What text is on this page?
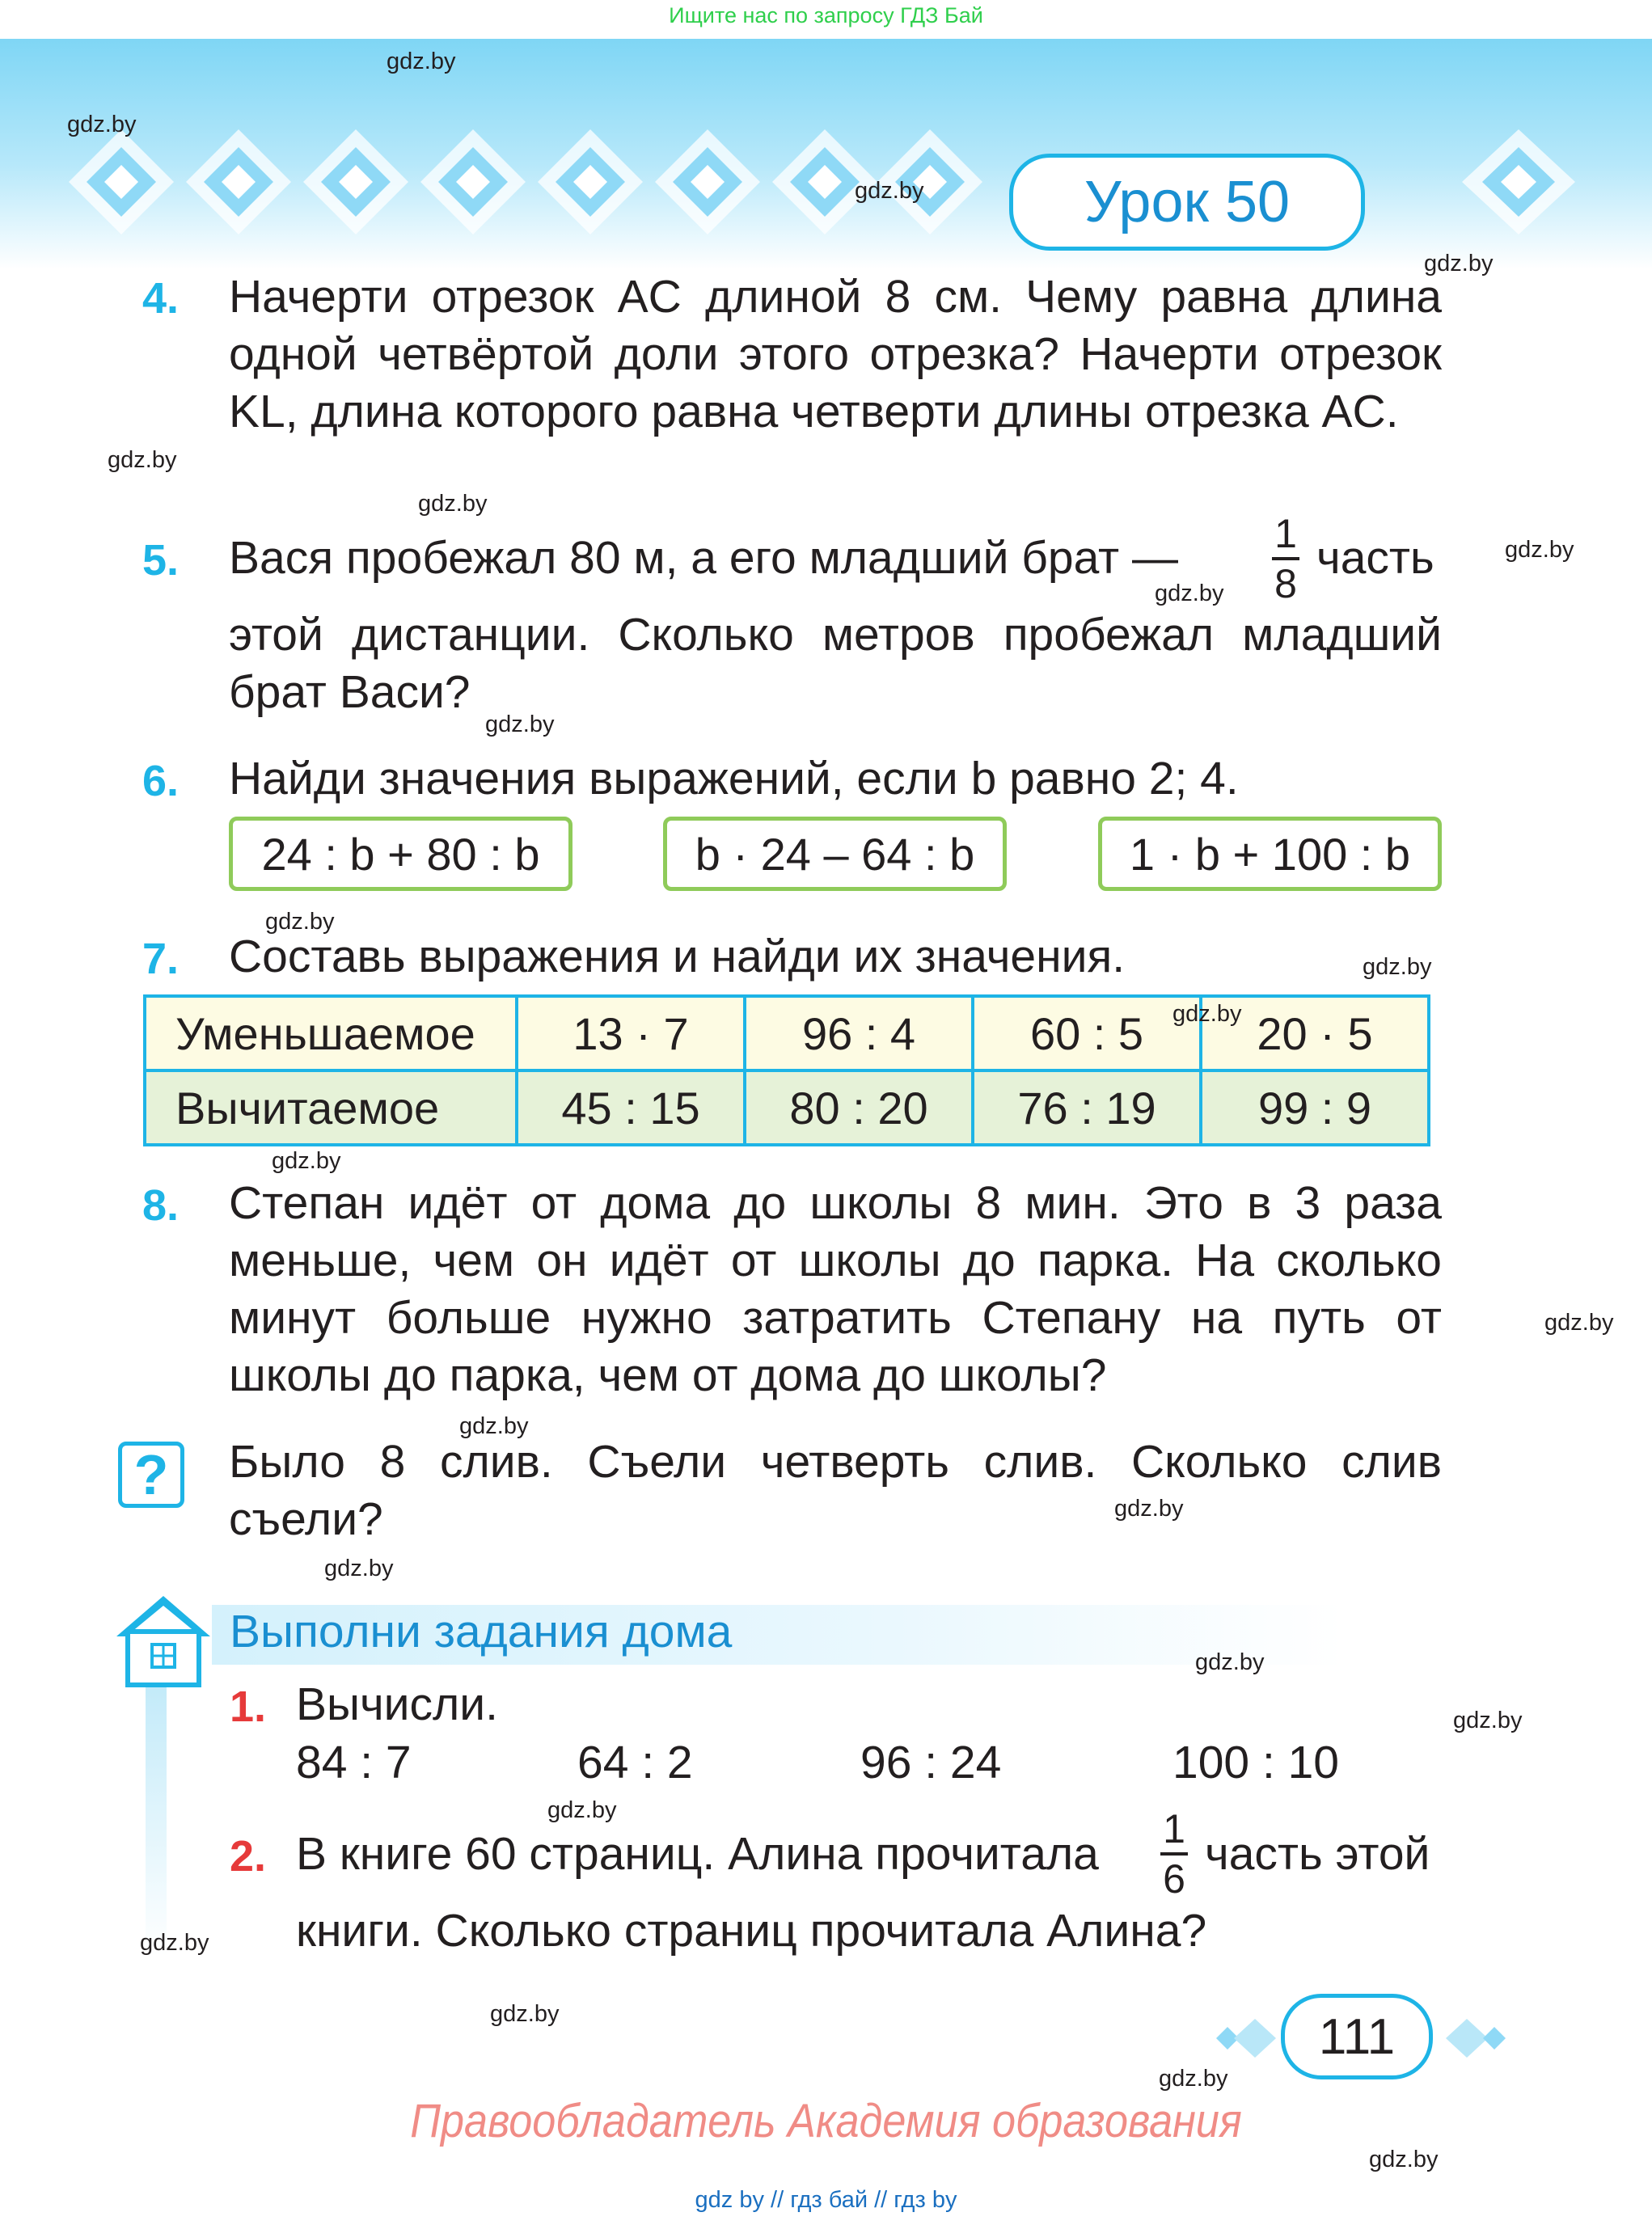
Ищите нас по запросу ГДЗ Бай
Урок 50
4. Начерти отрезок AC длиной 8 см. Чему равна длина одной четвёртой доли этого отрезка? Начерти отрезок KL, длина которого равна четверти длины отрезка AC.
5. Вася пробежал 80 м, а его младший брат — 1
8 часть
этой дистанции. Сколько метров пробежал младший брат Васи?
6. Найди значения выражений, если b равно 2; 4.
24 : b + 80 : b	b · 24 – 64 : b	1 · b + 100 : b
7. Составь выражения и найди их значения.
Уменьшаемое	13 · 7	96 : 4	60 : 5	20 · 5
Вычитаемое	45 : 15	80 : 20	76 : 19	99 : 9
8. Степан идёт от дома до школы 8 мин. Это в 3 раза меньше, чем он идёт от школы до парка. На сколько минут больше нужно затратить Степану на путь от школы до парка, чем от дома до школы?
?	Было 8 слив. Съели четверть слив. Сколько слив съели?
Выполни задания дома
1. Вычисли.
84 : 7	64 : 2	96 : 24	100 : 10
2. В книге 60 страниц. Алина прочитала 1
6 часть этой
книги. Сколько страниц прочитала Алина?
111
Правообладатель Академия образования
gdz by // гдз бай // гдз by
gdz.by
gdz.by
gdz.by
gdz.by
gdz.by
gdz.by
gdz.by
gdz.by
gdz.by
gdz.by
gdz.by
gdz.by
gdz.by
gdz.by
gdz.by
gdz.by
gdz.by
gdz.by
gdz.by
gdz.by
gdz.by
gdz.by
gdz.by
gdz.by
